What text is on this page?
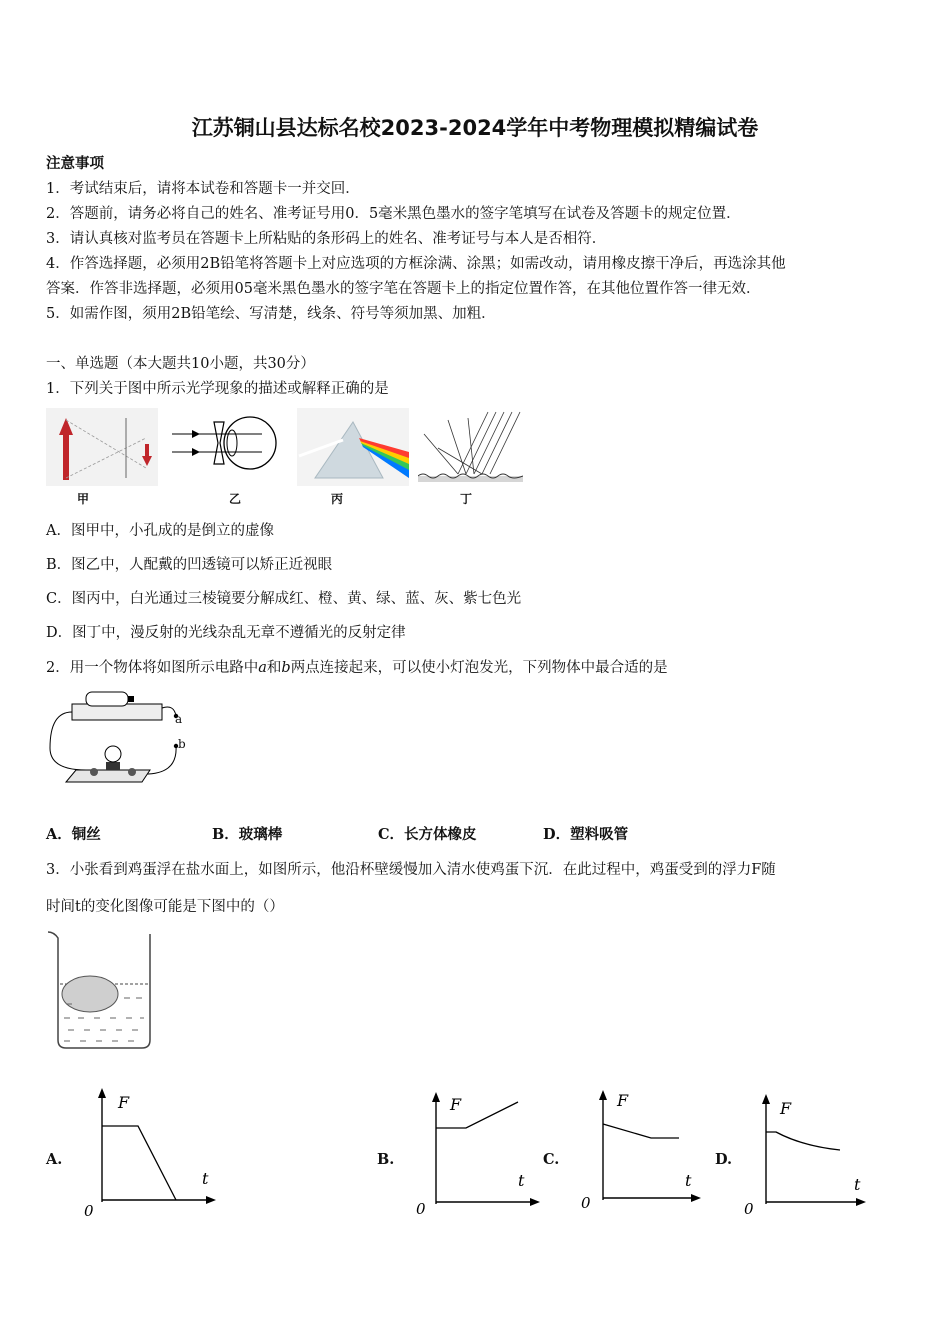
江苏铜山县达标名校2023-2024学年中考物理模拟精编试卷
注意事项
1．考试结束后，请将本试卷和答题卡一并交回．
2．答题前，请务必将自己的姓名、准考证号用0．5毫米黑色墨水的签字笔填写在试卷及答题卡的规定位置．
3．请认真核对监考员在答题卡上所粘贴的条形码上的姓名、准考证号与本人是否相符．
4．作答选择题，必须用2B铅笔将答题卡上对应选项的方框涂满、涂黑；如需改动，请用橡皮擦干净后，再选涂其他
答案．作答非选择题，必须用05毫米黑色墨水的签字笔在答题卡上的指定位置作答，在其他位置作答一律无效．
5．如需作图，须用2B铅笔绘、写清楚，线条、符号等须加黑、加粗．
一、单选题（本大题共10小题，共30分）
1．下列关于图中所示光学现象的描述或解释正确的是
甲	乙	丙	丁
A．图甲中，小孔成的是倒立的虚像
B．图乙中，人配戴的凹透镜可以矫正近视眼
C．图丙中，白光通过三棱镜要分解成红、橙、黄、绿、蓝、灰、紫七色光
D．图丁中，漫反射的光线杂乱无章不遵循光的反射定律
2．用一个物体将如图所示电路中a和b两点连接起来，可以使小灯泡发光，下列物体中最合适的是
a
b
A．铜丝	B．玻璃棒	C．长方体橡皮	D．塑料吸管
3．小张看到鸡蛋浮在盐水面上，如图所示，他沿杯壁缓慢加入清水使鸡蛋下沉．在此过程中，鸡蛋受到的浮力F随
时间t的变化图像可能是下图中的（）
A.
F
t
0
B.
F
t
0
C.
F
t
0
D.
F
t
0
